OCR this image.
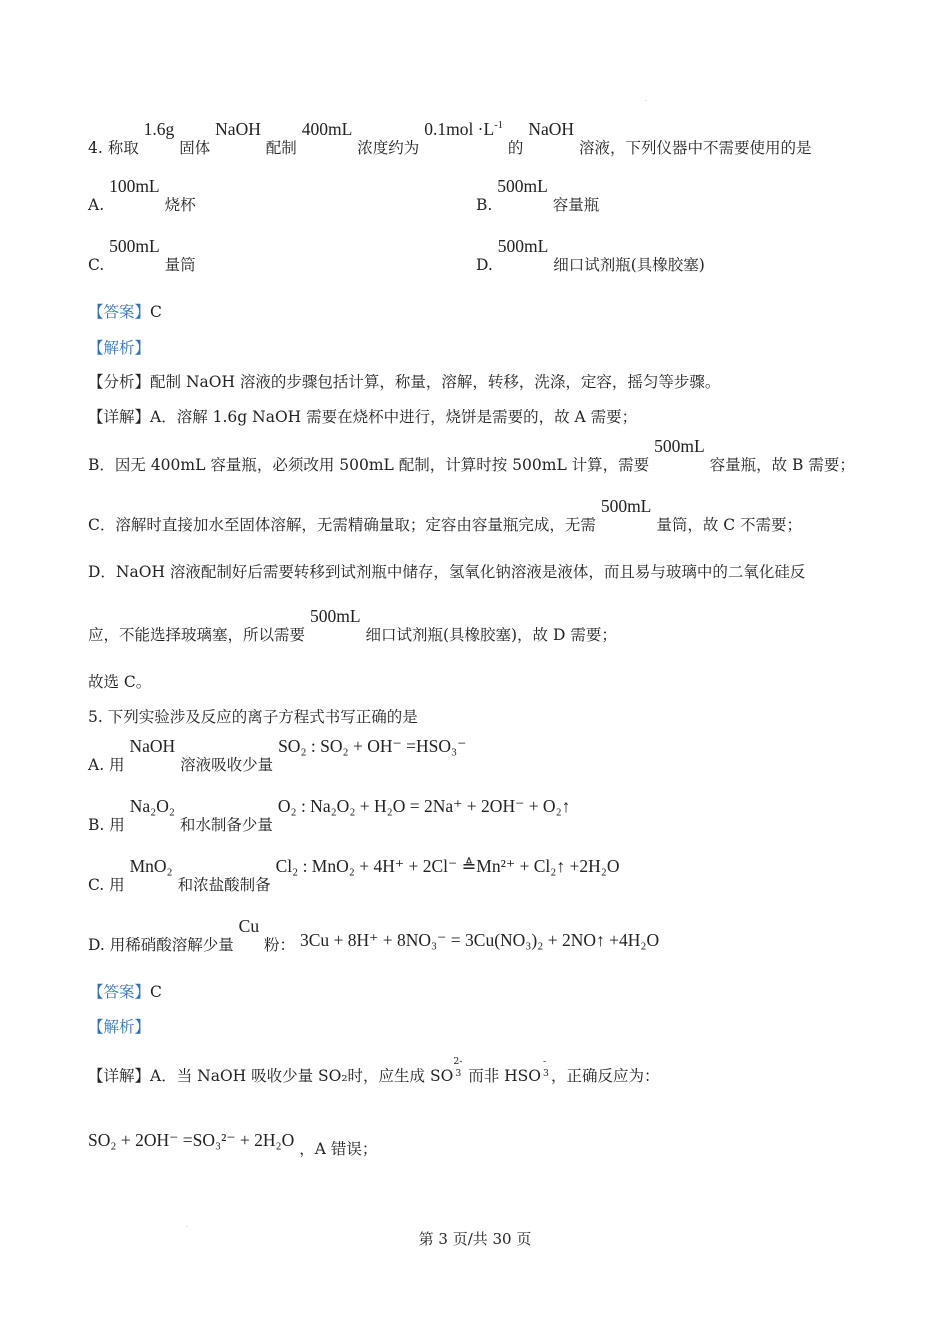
.
4. 称取 1.6g 固体 NaOH 配制 400mL 浓度约为 $0.1mol \cdot L^{-1}$ 的 NaOH 溶液，下列仪器中不需要使用的是
A. 100mL 烧杯	B. 500mL 容量瓶
C. 500mL 量筒	D. 500mL 细口试剂瓶(具橡胶塞)
【答案】C
【解析】
【分析】配制 NaOH 溶液的步骤包括计算，称量，溶解，转移，洗涤，定容，摇匀等步骤。
【详解】A．溶解 1.6g NaOH 需要在烧杯中进行，烧饼是需要的，故 A 需要；
B．因无 400mL 容量瓶，必须改用 500mL 配制，计算时按 500mL 计算，需要 500mL 容量瓶，故 B 需要；
C．溶解时直接加水至固体溶解，无需精确量取；定容由容量瓶完成，无需 500mL 量筒，故 C 不需要；
D．NaOH 溶液配制好后需要转移到试剂瓶中储存，氢氧化钠溶液是液体，而且易与玻璃中的二氧化硅反
应，不能选择玻璃塞，所以需要 500mL 细口试剂瓶(具橡胶塞)，故 D 需要；
故选 C。
5. 下列实验涉及反应的离子方程式书写正确的是
A. 用 NaOH 溶液吸收少量 SO₂ : SO₂ + OH⁻ =HSO₃⁻
B. 用 Na₂O₂ 和水制备少量 O₂ : Na₂O₂ + H₂O = 2Na⁺ + 2OH⁻ + O₂↑
C. 用 MnO₂ 和浓盐酸制备 Cl₂ : MnO₂ + 4H⁺ + 2Cl⁻ ≜Mn²⁺ + Cl₂↑ +2H₂O
D. 用稀硝酸溶解少量 Cu 粉： 3Cu + 8H⁺ + 8NO₃⁻ = 3Cu(NO₃)₂ + 2NO↑ +4H₂O
【答案】C
【解析】
【详解】A．当 NaOH 吸收少量 SO₂时，应生成 SO
2-
3 而非 HSO
-
3 ，正确反应为：
SO₂ + 2OH⁻ =SO₃²⁻ + 2H₂O ，A 错误；
.
第 3 页/共 30 页
